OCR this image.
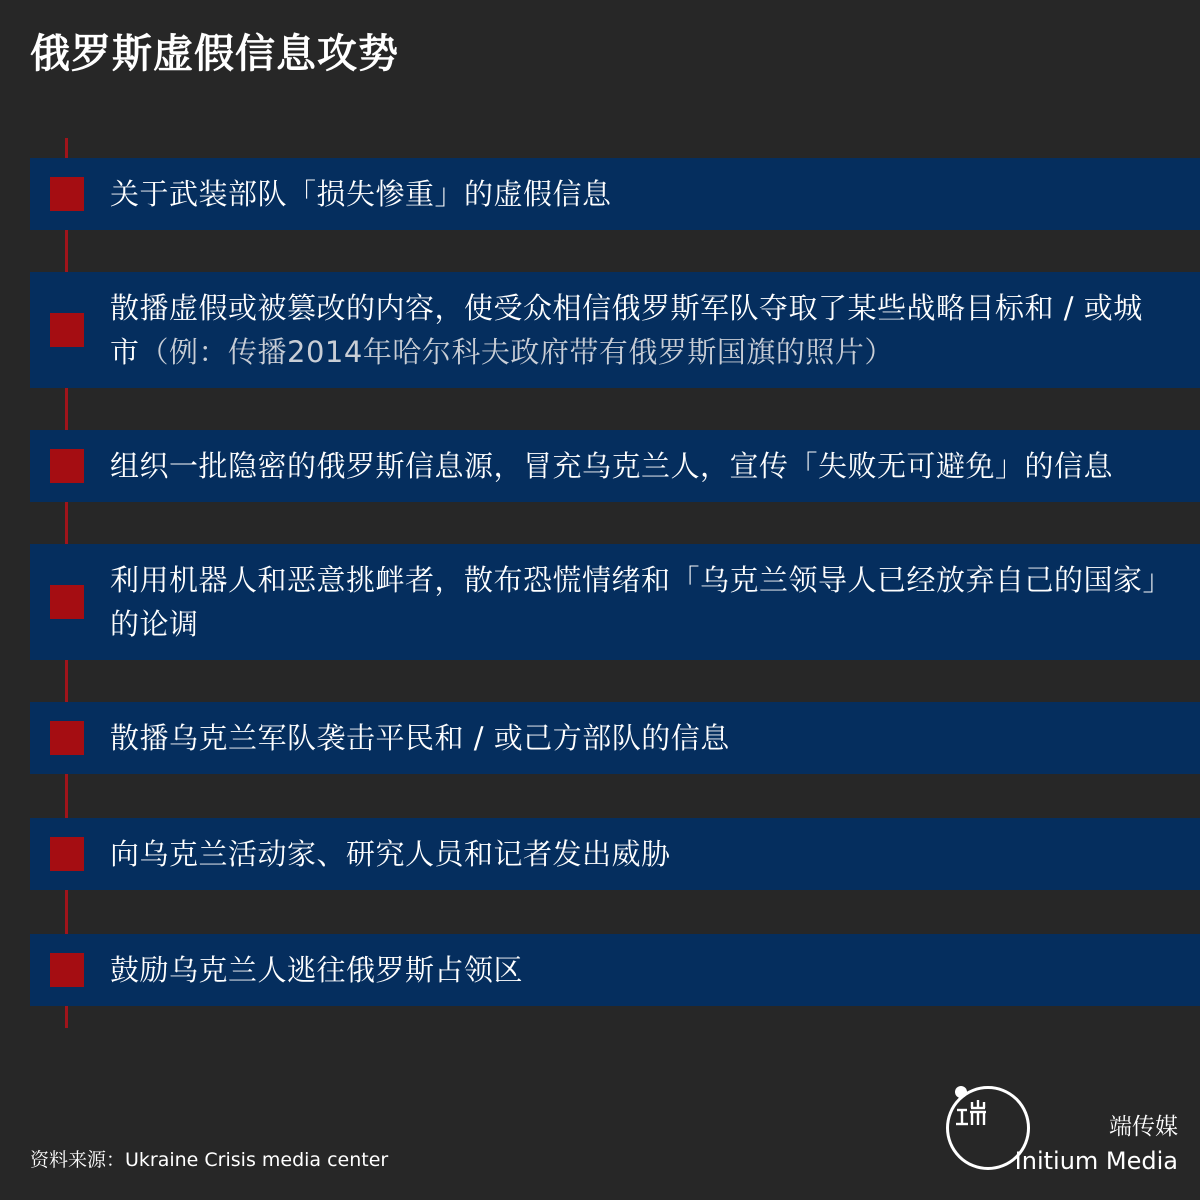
俄罗斯虚假信息攻势
关于武装部队「损失惨重」的虚假信息
散播虚假或被篡改的内容，使受众相信俄罗斯军队夺取了某些战略目标和 / 或城市（例：传播2014年哈尔科夫政府带有俄罗斯国旗的照片）
组织一批隐密的俄罗斯信息源，冒充乌克兰人，宣传「失败无可避免」的信息
利用机器人和恶意挑衅者，散布恐慌情绪和「乌克兰领导人已经放弃自己的国家」的论调
散播乌克兰军队袭击平民和 / 或己方部队的信息
向乌克兰活动家、研究人员和记者发出威胁
鼓励乌克兰人逃往俄罗斯占领区
资料来源：Ukraine Crisis media center
端传媒
Initium Media
